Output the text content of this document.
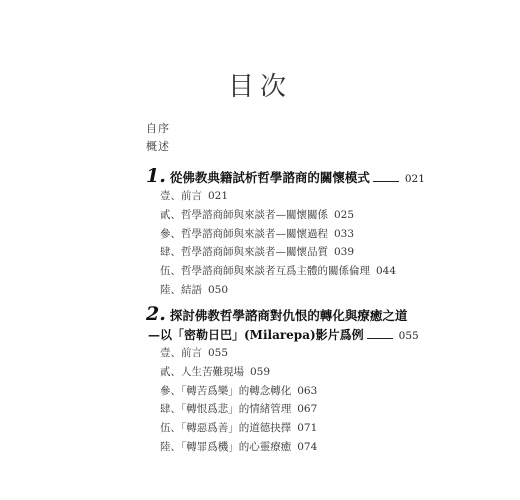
目次
自序
概述
1. 從佛教典籍試析哲學諮商的關懷模式	021
壹、前言 021
貳、哲學諮商師與來談者—關懷關係 025
參、哲學諮商師與來談者—關懷過程 033
肆、哲學諮商師與來談者—關懷品質 039
伍、哲學諮商師與來談者互爲主體的關係倫理 044
陸、結語 050
2. 探討佛教哲學諮商對仇恨的轉化與療癒之道
—以「密勒日巴」(Milarepa)影片爲例	055
壹、前言 055
貳、人生苦難現場 059
參、「轉苦爲樂」的轉念轉化 063
肆、「轉恨爲悲」的情緒管理 067
伍、「轉惡爲善」的道德抉擇 071
陸、「轉罪爲機」的心靈療癒 074
